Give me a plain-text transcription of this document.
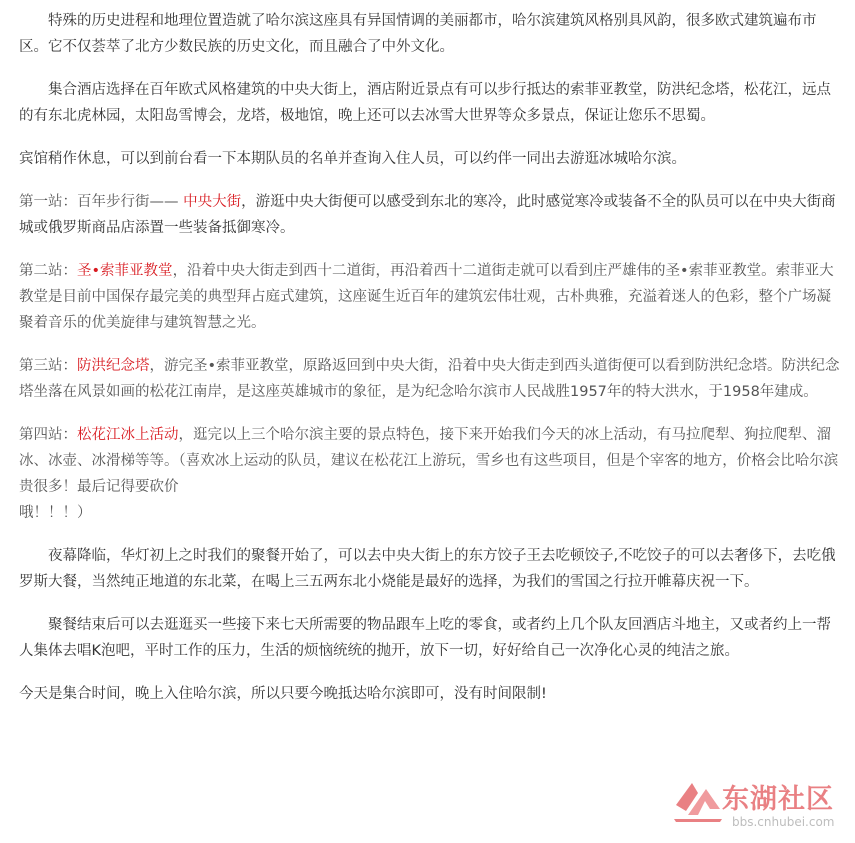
特殊的历史进程和地理位置造就了哈尔滨这座具有异国情调的美丽都市，哈尔滨建筑风格别具风韵，很多欧式建筑遍布市区。它不仅荟萃了北方少数民族的历史文化，而且融合了中外文化。

集合酒店选择在百年欧式风格建筑的中央大街上，酒店附近景点有可以步行抵达的索菲亚教堂，防洪纪念塔，松花江，远点的有东北虎林园，太阳岛雪博会，龙塔，极地馆，晚上还可以去冰雪大世界等众多景点，保证让您乐不思蜀。

宾馆稍作休息，可以到前台看一下本期队员的名单并查询入住人员，可以约伴一同出去游逛冰城哈尔滨。

第一站：百年步行街—— 中央大街，游逛中央大街便可以感受到东北的寒冷，此时感觉寒冷或装备不全的队员可以在中央大街商城或俄罗斯商品店添置一些装备抵御寒冷。

第二站：圣•索菲亚教堂，沿着中央大街走到西十二道街，再沿着西十二道街走就可以看到庄严雄伟的圣•索菲亚教堂。索菲亚大教堂是目前中国保存最完美的典型拜占庭式建筑，这座诞生近百年的建筑宏伟壮观，古朴典雅，充溢着迷人的色彩，整个广场凝聚着音乐的优美旋律与建筑智慧之光。

第三站：防洪纪念塔，游完圣•索菲亚教堂，原路返回到中央大街，沿着中央大街走到西头道街便可以看到防洪纪念塔。防洪纪念塔坐落在风景如画的松花江南岸，是这座英雄城市的象征，是为纪念哈尔滨市人民战胜1957年的特大洪水，于1958年建成。

第四站：松花江冰上活动，逛完以上三个哈尔滨主要的景点特色，接下来开始我们今天的冰上活动，有马拉爬犁、狗拉爬犁、溜冰、冰壶、冰滑梯等等。（喜欢冰上运动的队员，建议在松花江上游玩，雪乡也有这些项目，但是个宰客的地方，价格会比哈尔滨贵很多！最后记得要砍价
哦！！！）

夜幕降临，华灯初上之时我们的聚餐开始了，可以去中央大街上的东方饺子王去吃顿饺子,不吃饺子的可以去奢侈下，去吃俄罗斯大餐，当然纯正地道的东北菜，在喝上三五两东北小烧能是最好的选择，为我们的雪国之行拉开帷幕庆祝一下。

聚餐结束后可以去逛逛买一些接下来七天所需要的物品跟车上吃的零食，或者约上几个队友回酒店斗地主，又或者约上一帮人集体去唱K泡吧，平时工作的压力，生活的烦恼统统的抛开，放下一切，好好给自己一次净化心灵的纯洁之旅。

今天是集合时间，晚上入住哈尔滨，所以只要今晚抵达哈尔滨即可，没有时间限制!

东湖社区
bbs.cnhubei.com
